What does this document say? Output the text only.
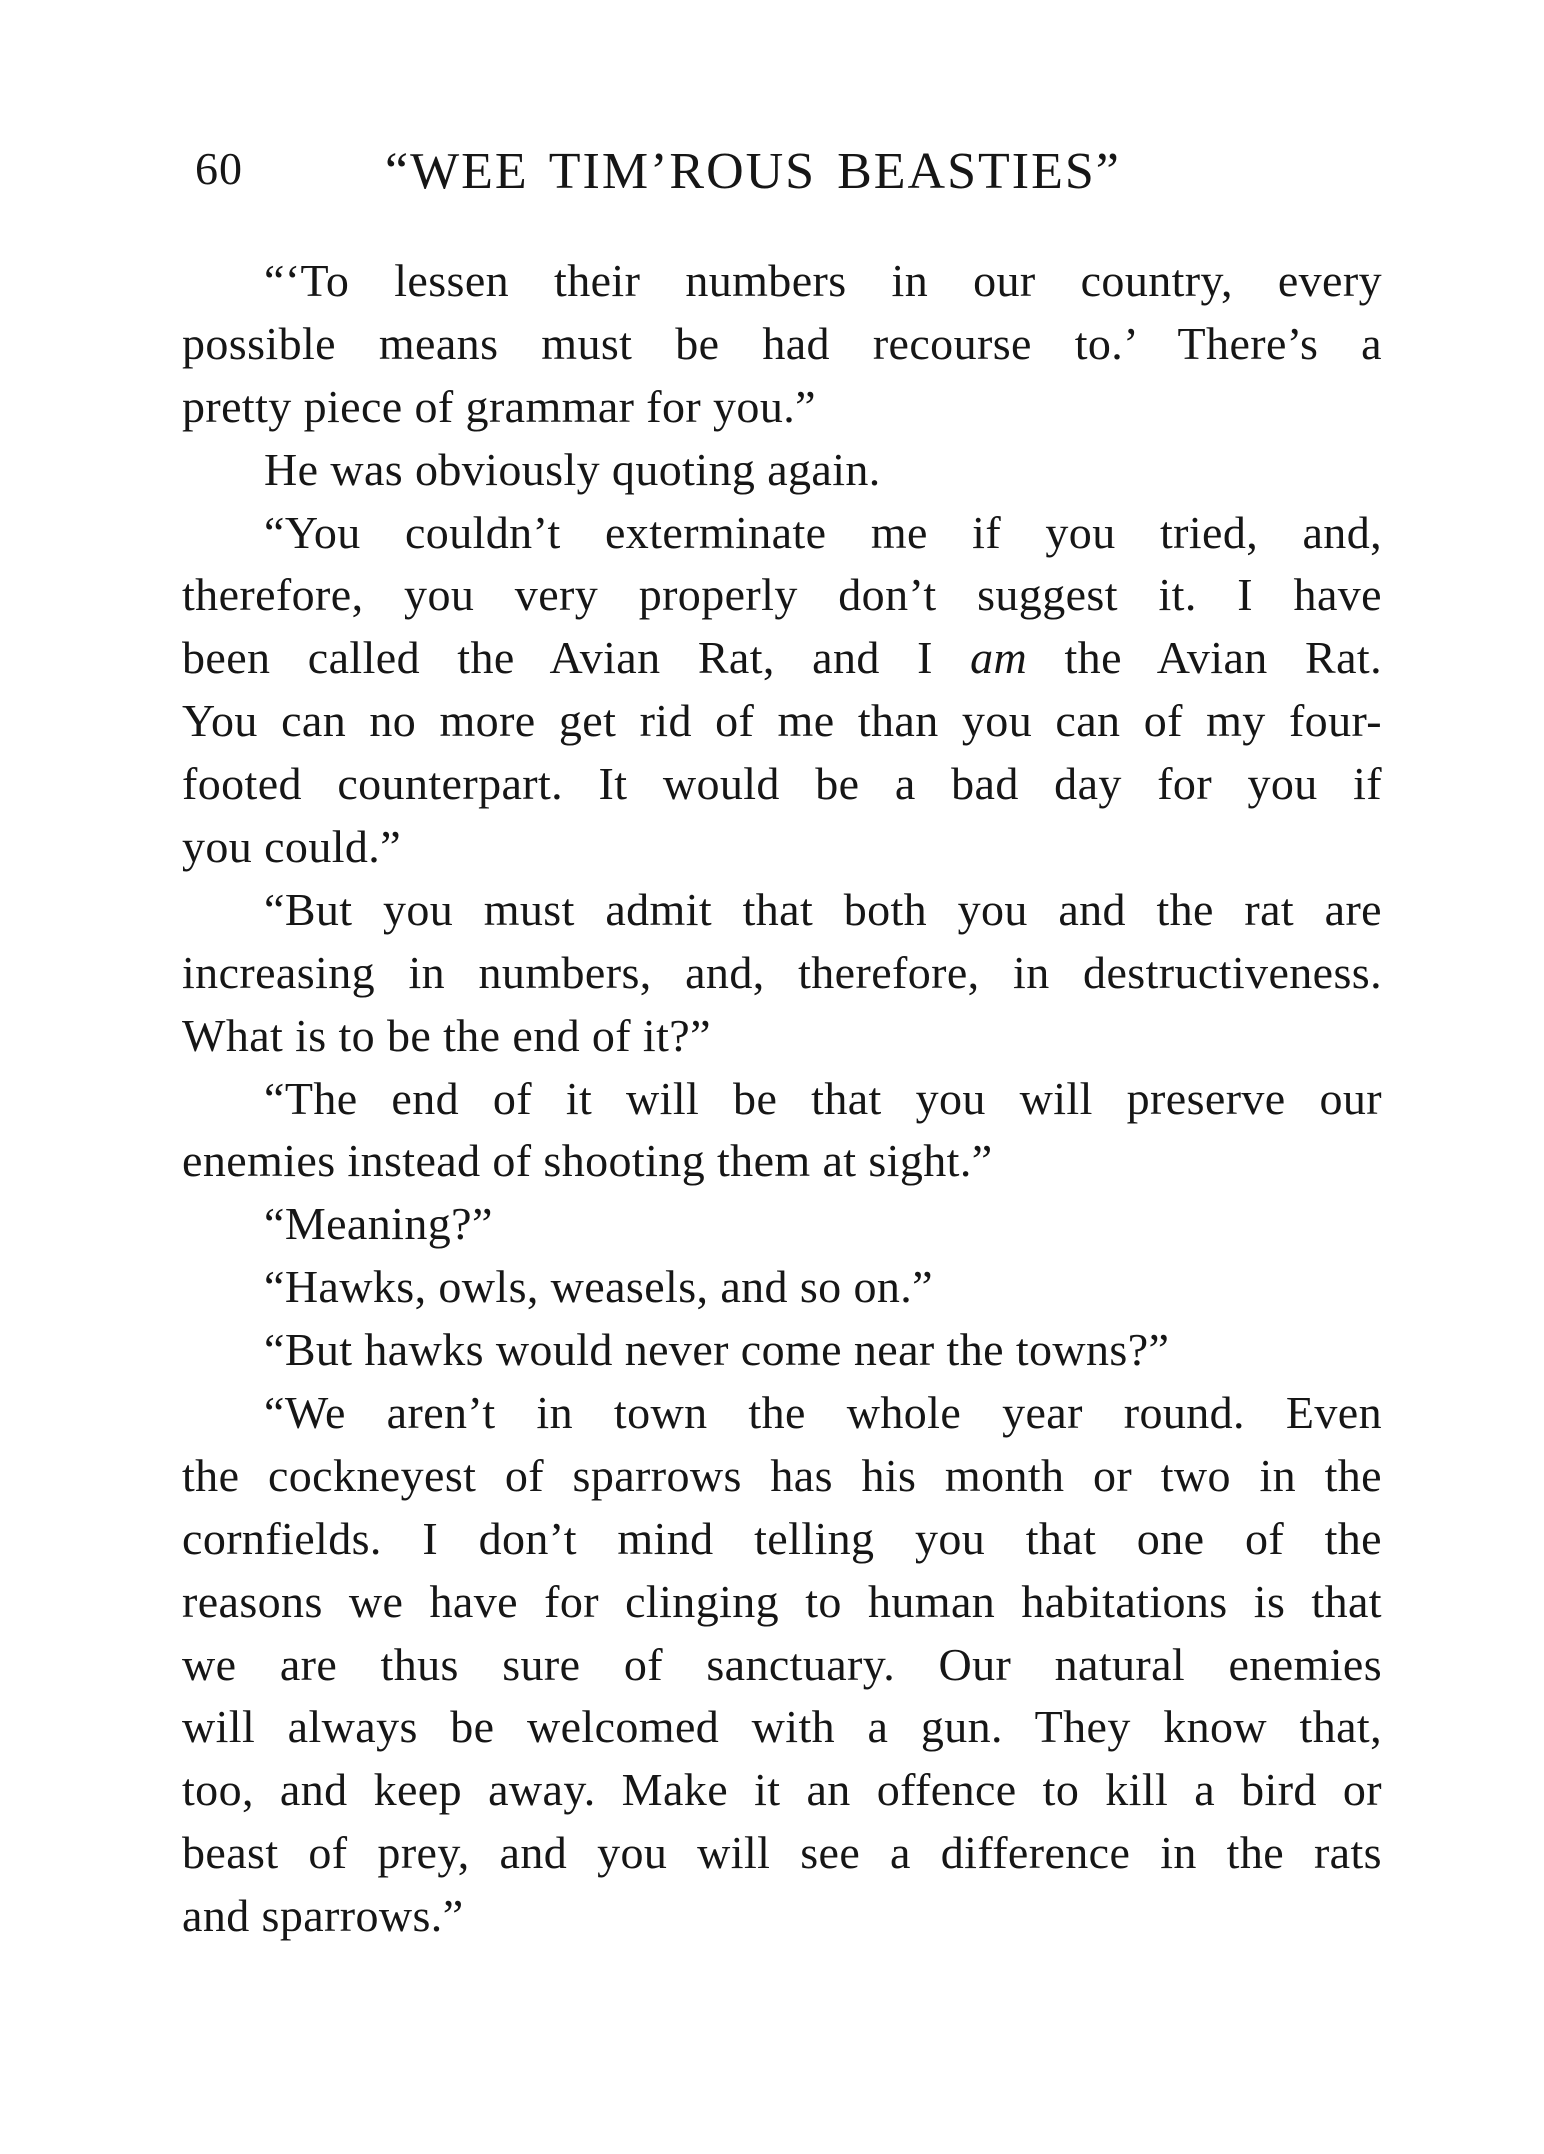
60	“WEE TIM’ROUS BEASTIES”
“‘To lessen their numbers in our country, every
possible means must be had recourse to.’ There’s a
pretty piece of grammar for you.”
He was obviously quoting again.
“You couldn’t exterminate me if you tried, and,
therefore, you very properly don’t suggest it. I have
been called the Avian Rat, and I am the Avian Rat.
You can no more get rid of me than you can of my four-
footed counterpart. It would be a bad day for you if
you could.”
“But you must admit that both you and the rat are
increasing in numbers, and, therefore, in destructiveness.
What is to be the end of it?”
“The end of it will be that you will preserve our
enemies instead of shooting them at sight.”
“Meaning?”
“Hawks, owls, weasels, and so on.”
“But hawks would never come near the towns?”
“We aren’t in town the whole year round. Even
the cockneyest of sparrows has his month or two in the
cornfields. I don’t mind telling you that one of the
reasons we have for clinging to human habitations is that
we are thus sure of sanctuary. Our natural enemies
will always be welcomed with a gun. They know that,
too, and keep away. Make it an offence to kill a bird or
beast of prey, and you will see a difference in the rats
and sparrows.”
